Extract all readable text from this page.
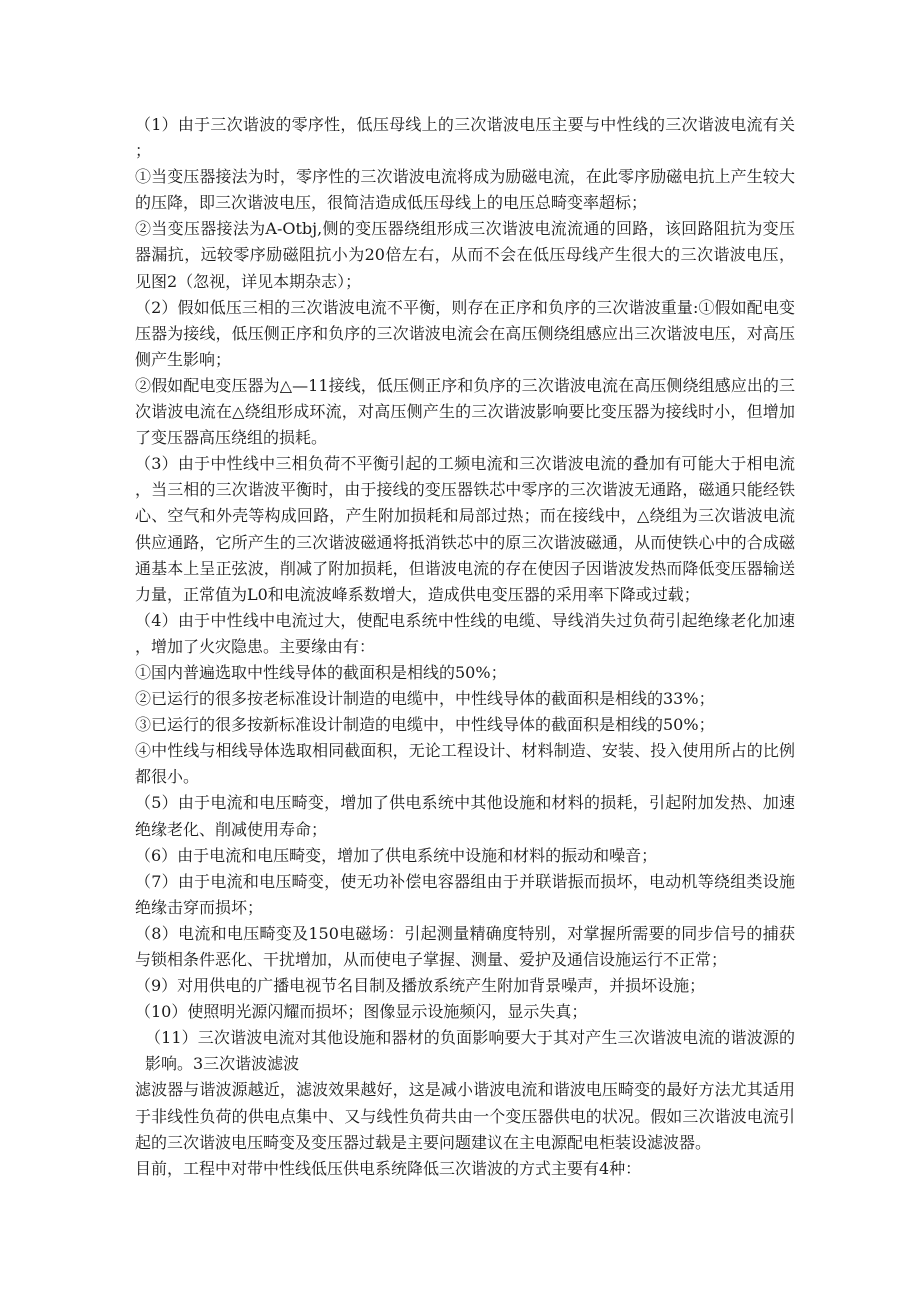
（1）由于三次谐波的零序性，低压母线上的三次谐波电压主要与中性线的三次谐波电流有关；

①当变压器接法为时，零序性的三次谐波电流将成为励磁电流，在此零序励磁电抗上产生较大的压降，即三次谐波电压，很简洁造成低压母线上的电压总畸变率超标；

②当变压器接法为A-Otbj,侧的变压器绕组形成三次谐波电流流通的回路，该回路阻抗为变压器漏抗，远较零序励磁阻抗小为20倍左右，从而不会在低压母线产生很大的三次谐波电压，见图2（忽视，详见本期杂志）；

（2）假如低压三相的三次谐波电流不平衡，则存在正序和负序的三次谐波重量:①假如配电变压器为接线，低压侧正序和负序的三次谐波电流会在高压侧绕组感应出三次谐波电压，对高压侧产生影响；

②假如配电变压器为△—11接线，低压侧正序和负序的三次谐波电流在高压侧绕组感应出的三次谐波电流在△绕组形成环流，对高压侧产生的三次谐波影响要比变压器为接线时小，但增加了变压器高压绕组的损耗。

（3）由于中性线中三相负荷不平衡引起的工频电流和三次谐波电流的叠加有可能大于相电流，当三相的三次谐波平衡时，由于接线的变压器铁芯中零序的三次谐波无通路，磁通只能经铁心、空气和外壳等构成回路，产生附加损耗和局部过热；而在接线中，△绕组为三次谐波电流供应通路，它所产生的三次谐波磁通将抵消铁芯中的原三次谐波磁通，从而使铁心中的合成磁通基本上呈正弦波，削减了附加损耗，但谐波电流的存在使因子因谐波发热而降低变压器输送力量，正常值为L0和电流波峰系数增大，造成供电变压器的采用率下降或过载；

（4）由于中性线中电流过大，使配电系统中性线的电缆、导线消失过负荷引起绝缘老化加速，增加了火灾隐患。主要缘由有：

①国内普遍选取中性线导体的截面积是相线的50%；

②已运行的很多按老标准设计制造的电缆中，中性线导体的截面积是相线的33%；

③已运行的很多按新标准设计制造的电缆中，中性线导体的截面积是相线的50%；

④中性线与相线导体选取相同截面积，无论工程设计、材料制造、安装、投入使用所占的比例都很小。

（5）由于电流和电压畸变，增加了供电系统中其他设施和材料的损耗，引起附加发热、加速绝缘老化、削减使用寿命；

（6）由于电流和电压畸变，增加了供电系统中设施和材料的振动和噪音；

（7）由于电流和电压畸变，使无功补偿电容器组由于并联谐振而损坏，电动机等绕组类设施绝缘击穿而损坏；

（8）电流和电压畸变及150电磁场：引起测量精确度特别，对掌握所需要的同步信号的捕获与锁相条件恶化、干扰增加，从而使电子掌握、测量、爱护及通信设施运行不正常；

（9）对用供电的广播电视节名目制及播放系统产生附加背景噪声，并损坏设施；

（10）使照明光源闪耀而损坏；图像显示设施频闪，显示失真；

（11）三次谐波电流对其他设施和器材的负面影响要大于其对产生三次谐波电流的谐波源的影响。3三次谐波滤波

滤波器与谐波源越近，滤波效果越好，这是减小谐波电流和谐波电压畸变的最好方法尤其适用于非线性负荷的供电点集中、又与线性负荷共由一个变压器供电的状况。假如三次谐波电流引起的三次谐波电压畸变及变压器过载是主要问题建议在主电源配电柜装设滤波器。

目前，工程中对带中性线低压供电系统降低三次谐波的方式主要有4种：
